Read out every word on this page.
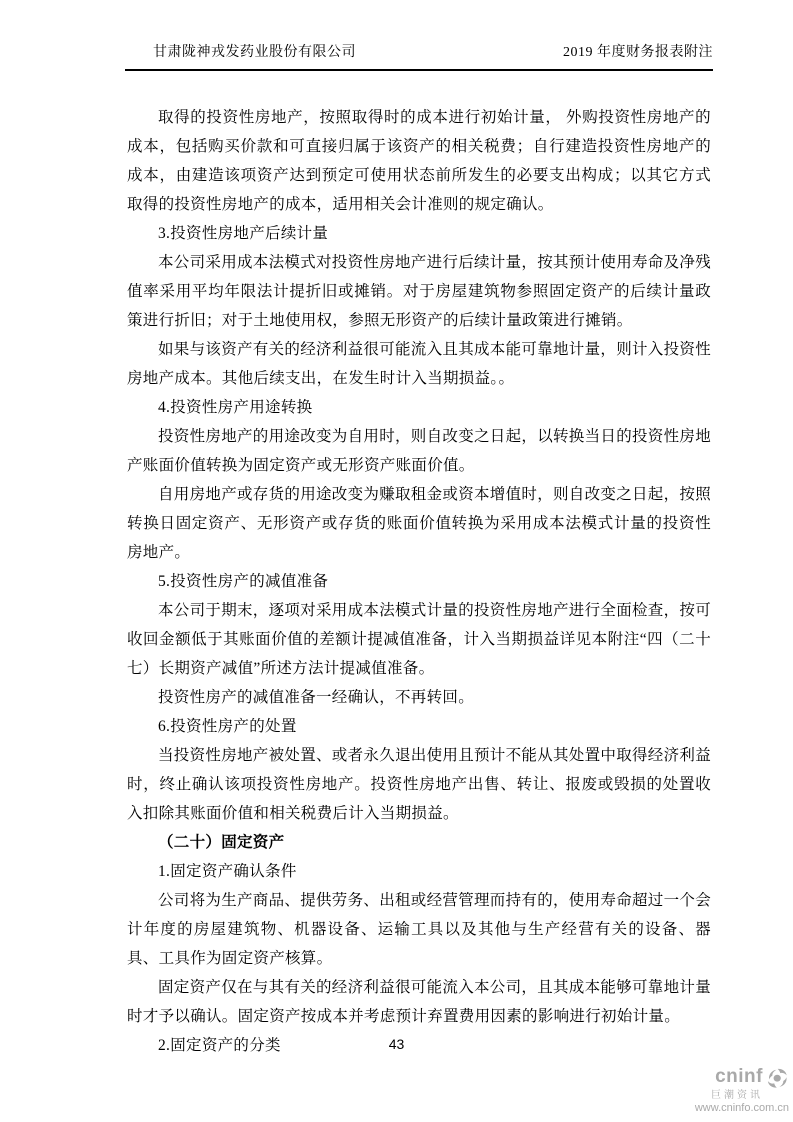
甘肃陇神戎发药业股份有限公司	2019 年度财务报表附注

取得的投资性房地产，按照取得时的成本进行初始计量， 外购投资性房地产的成本，包括购买价款和可直接归属于该资产的相关税费；自行建造投资性房地产的成本，由建造该项资产达到预定可使用状态前所发生的必要支出构成；以其它方式取得的投资性房地产的成本，适用相关会计准则的规定确认。

3.投资性房地产后续计量

本公司采用成本法模式对投资性房地产进行后续计量，按其预计使用寿命及净残值率采用平均年限法计提折旧或摊销。对于房屋建筑物参照固定资产的后续计量政策进行折旧；对于土地使用权，参照无形资产的后续计量政策进行摊销。

如果与该资产有关的经济利益很可能流入且其成本能可靠地计量，则计入投资性房地产成本。其他后续支出，在发生时计入当期损益。。

4.投资性房产用途转换

投资性房地产的用途改变为自用时，则自改变之日起，以转换当日的投资性房地产账面价值转换为固定资产或无形资产账面价值。

自用房地产或存货的用途改变为赚取租金或资本增值时，则自改变之日起，按照转换日固定资产、无形资产或存货的账面价值转换为采用成本法模式计量的投资性房地产。

5.投资性房产的减值准备

本公司于期末，逐项对采用成本法模式计量的投资性房地产进行全面检查，按可收回金额低于其账面价值的差额计提减值准备，计入当期损益详见本附注“四（二十七）长期资产减值”所述方法计提减值准备。

投资性房产的减值准备一经确认，不再转回。

6.投资性房产的处置

当投资性房地产被处置、或者永久退出使用且预计不能从其处置中取得经济利益时，终止确认该项投资性房地产。投资性房地产出售、转让、报废或毁损的处置收入扣除其账面价值和相关税费后计入当期损益。

（二十）固定资产

1.固定资产确认条件

公司将为生产商品、提供劳务、出租或经营管理而持有的，使用寿命超过一个会计年度的房屋建筑物、机器设备、运输工具以及其他与生产经营有关的设备、器具、工具作为固定资产核算。

固定资产仅在与其有关的经济利益很可能流入本公司，且其成本能够可靠地计量时才予以确认。固定资产按成本并考虑预计弃置费用因素的影响进行初始计量。

2.固定资产的分类	43
cninf
巨潮资讯
www.cninfo.com.cn
